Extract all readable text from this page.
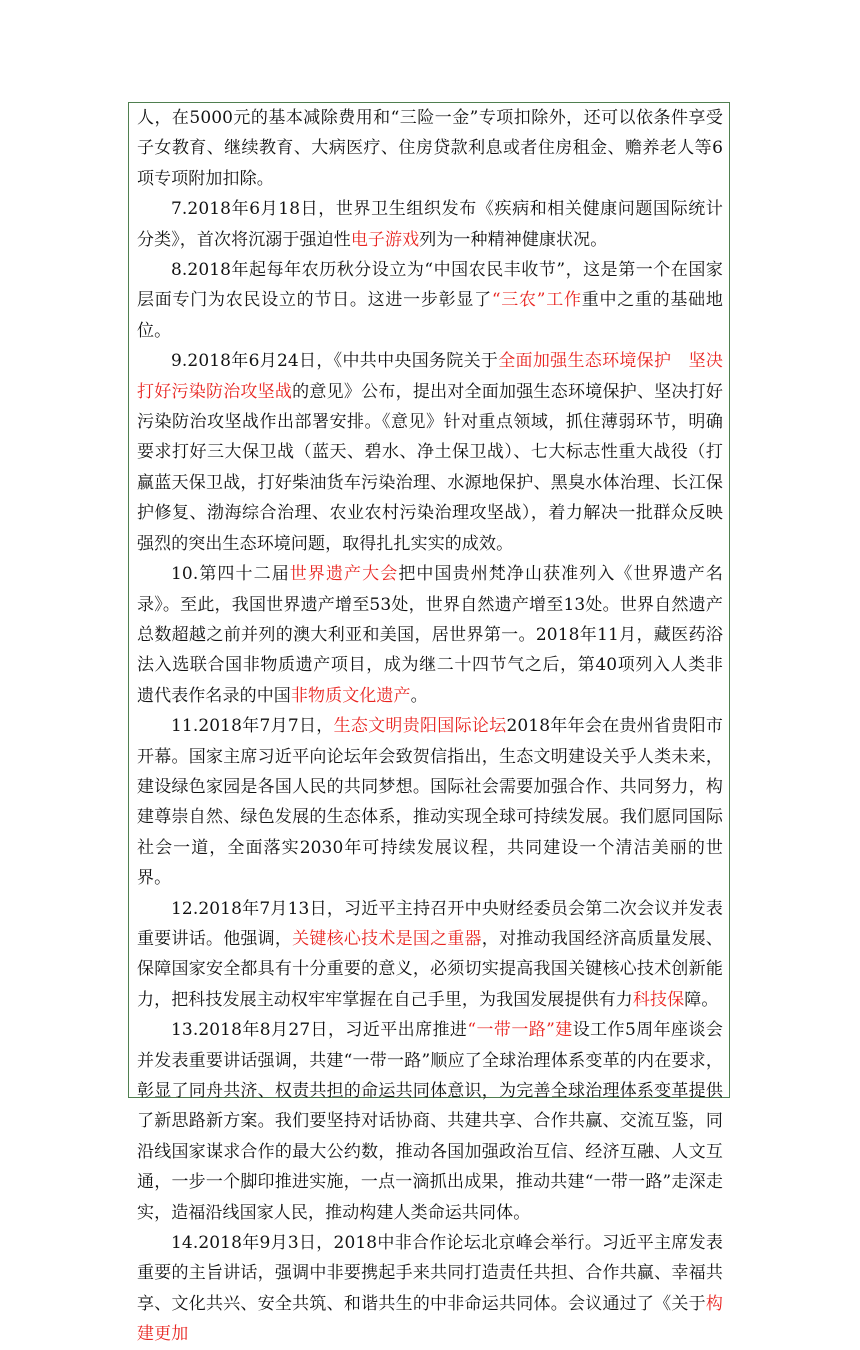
人，在5000元的基本减除费用和“三险一金”专项扣除外，还可以依条件享受子女教育、继续教育、大病医疗、住房贷款利息或者住房租金、赡养老人等6项专项附加扣除。

7.2018年6月18日，世界卫生组织发布《疾病和相关健康问题国际统计分类》，首次将沉溺于强迫性电子游戏列为一种精神健康状况。

8.2018年起每年农历秋分设立为“中国农民丰收节”，这是第一个在国家层面专门为农民设立的节日。这进一步彰显了“三农”工作重中之重的基础地位。

9.2018年6月24日，《中共中央国务院关于全面加强生态环境保护　坚决打好污染防治攻坚战的意见》公布，提出对全面加强生态环境保护、坚决打好污染防治攻坚战作出部署安排。《意见》针对重点领域，抓住薄弱环节，明确要求打好三大保卫战（蓝天、碧水、净土保卫战）、七大标志性重大战役（打赢蓝天保卫战，打好柴油货车污染治理、水源地保护、黑臭水体治理、长江保护修复、渤海综合治理、农业农村污染治理攻坚战），着力解决一批群众反映强烈的突出生态环境问题，取得扎扎实实的成效。

10.第四十二届世界遗产大会把中国贵州梵净山获准列入《世界遗产名录》。至此，我国世界遗产增至53处，世界自然遗产增至13处。世界自然遗产总数超越之前并列的澳大利亚和美国，居世界第一。2018年11月，藏医药浴法入选联合国非物质遗产项目，成为继二十四节气之后，第40项列入人类非遗代表作名录的中国非物质文化遗产。

11.2018年7月7日，生态文明贵阳国际论坛2018年年会在贵州省贵阳市开幕。国家主席习近平向论坛年会致贺信指出，生态文明建设关乎人类未来，建设绿色家园是各国人民的共同梦想。国际社会需要加强合作、共同努力，构建尊崇自然、绿色发展的生态体系，推动实现全球可持续发展。我们愿同国际社会一道，全面落实2030年可持续发展议程，共同建设一个清洁美丽的世界。

12.2018年7月13日，习近平主持召开中央财经委员会第二次会议并发表重要讲话。他强调，关键核心技术是国之重器，对推动我国经济高质量发展、保障国家安全都具有十分重要的意义，必须切实提高我国关键核心技术创新能力，把科技发展主动权牢牢掌握在自己手里，为我国发展提供有力科技保障。

13.2018年8月27日，习近平出席推进“一带一路”建设工作5周年座谈会并发表重要讲话强调，共建“一带一路”顺应了全球治理体系变革的内在要求，彰显了同舟共济、权责共担的命运共同体意识，为完善全球治理体系变革提供了新思路新方案。我们要坚持对话协商、共建共享、合作共赢、交流互鉴，同沿线国家谋求合作的最大公约数，推动各国加强政治互信、经济互融、人文互通，一步一个脚印推进实施，一点一滴抓出成果，推动共建“一带一路”走深走实，造福沿线国家人民，推动构建人类命运共同体。

14.2018年9月3日，2018中非合作论坛北京峰会举行。习近平主席发表重要的主旨讲话，强调中非要携起手来共同打造责任共担、合作共赢、幸福共享、文化共兴、安全共筑、和谐共生的中非命运共同体。会议通过了《关于构建更加
